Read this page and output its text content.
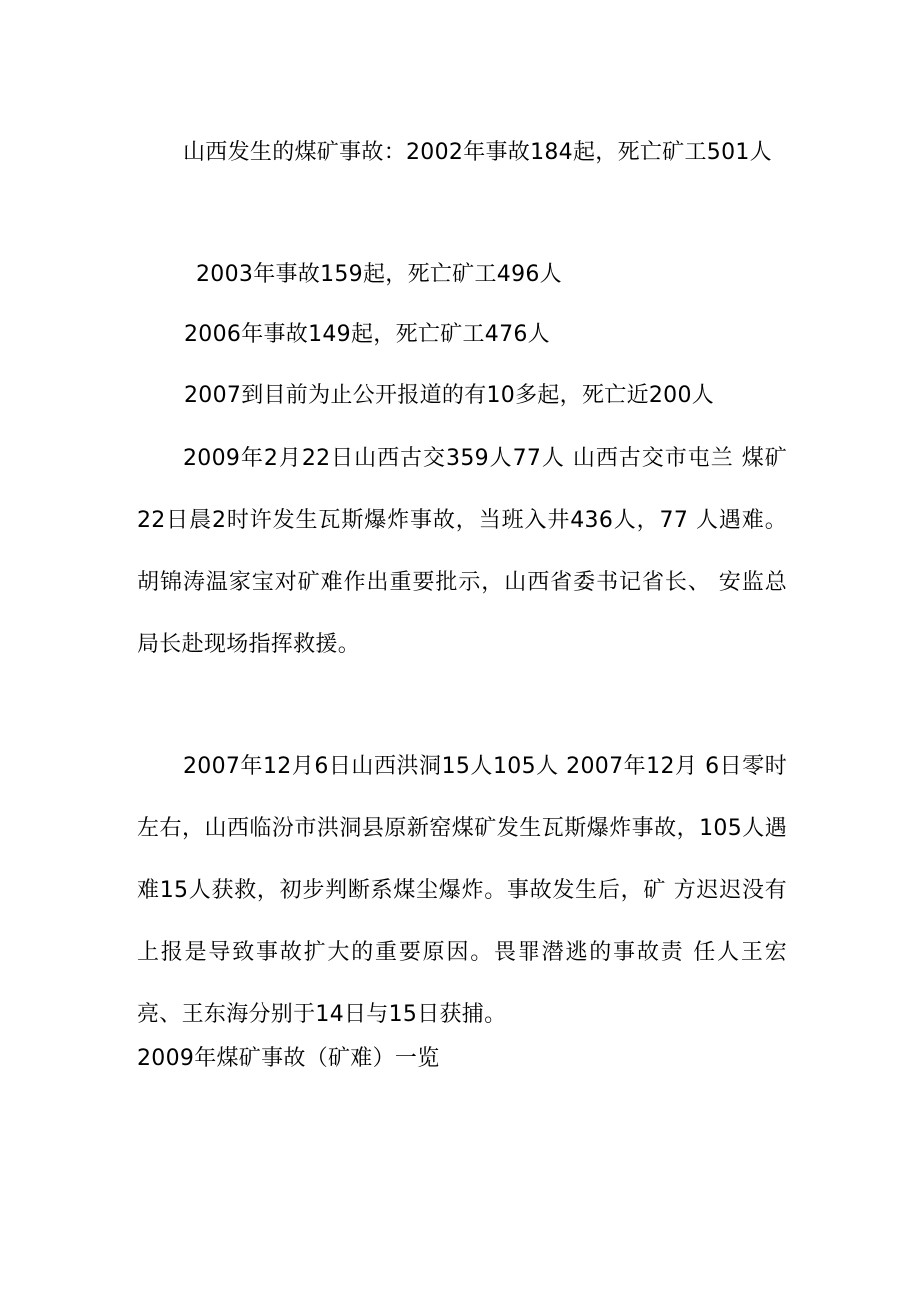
山西发生的煤矿事故：2002年事故184起，死亡矿工501人

2003年事故159起，死亡矿工496人
2006年事故149起，死亡矿工476人
2007到目前为止公开报道的有10多起，死亡近200人

2009年2月22日山西古交359人77人 山西古交市屯兰 煤矿22日晨2时许发生瓦斯爆炸事故，当班入井436人，77 人遇难。胡锦涛温家宝对矿难作出重要批示，山西省委书记省长、 安监总局长赴现场指挥救援。

2007年12月6日山西洪洞15人105人 2007年12月 6日零时左右，山西临汾市洪洞县原新窑煤矿发生瓦斯爆炸事故，105人遇难15人获救，初步判断系煤尘爆炸。事故发生后，矿 方迟迟没有上报是导致事故扩大的重要原因。畏罪潜逃的事故责 任人王宏亮、王东海分别于14日与15日获捕。

2009年煤矿事故（矿难）一览
